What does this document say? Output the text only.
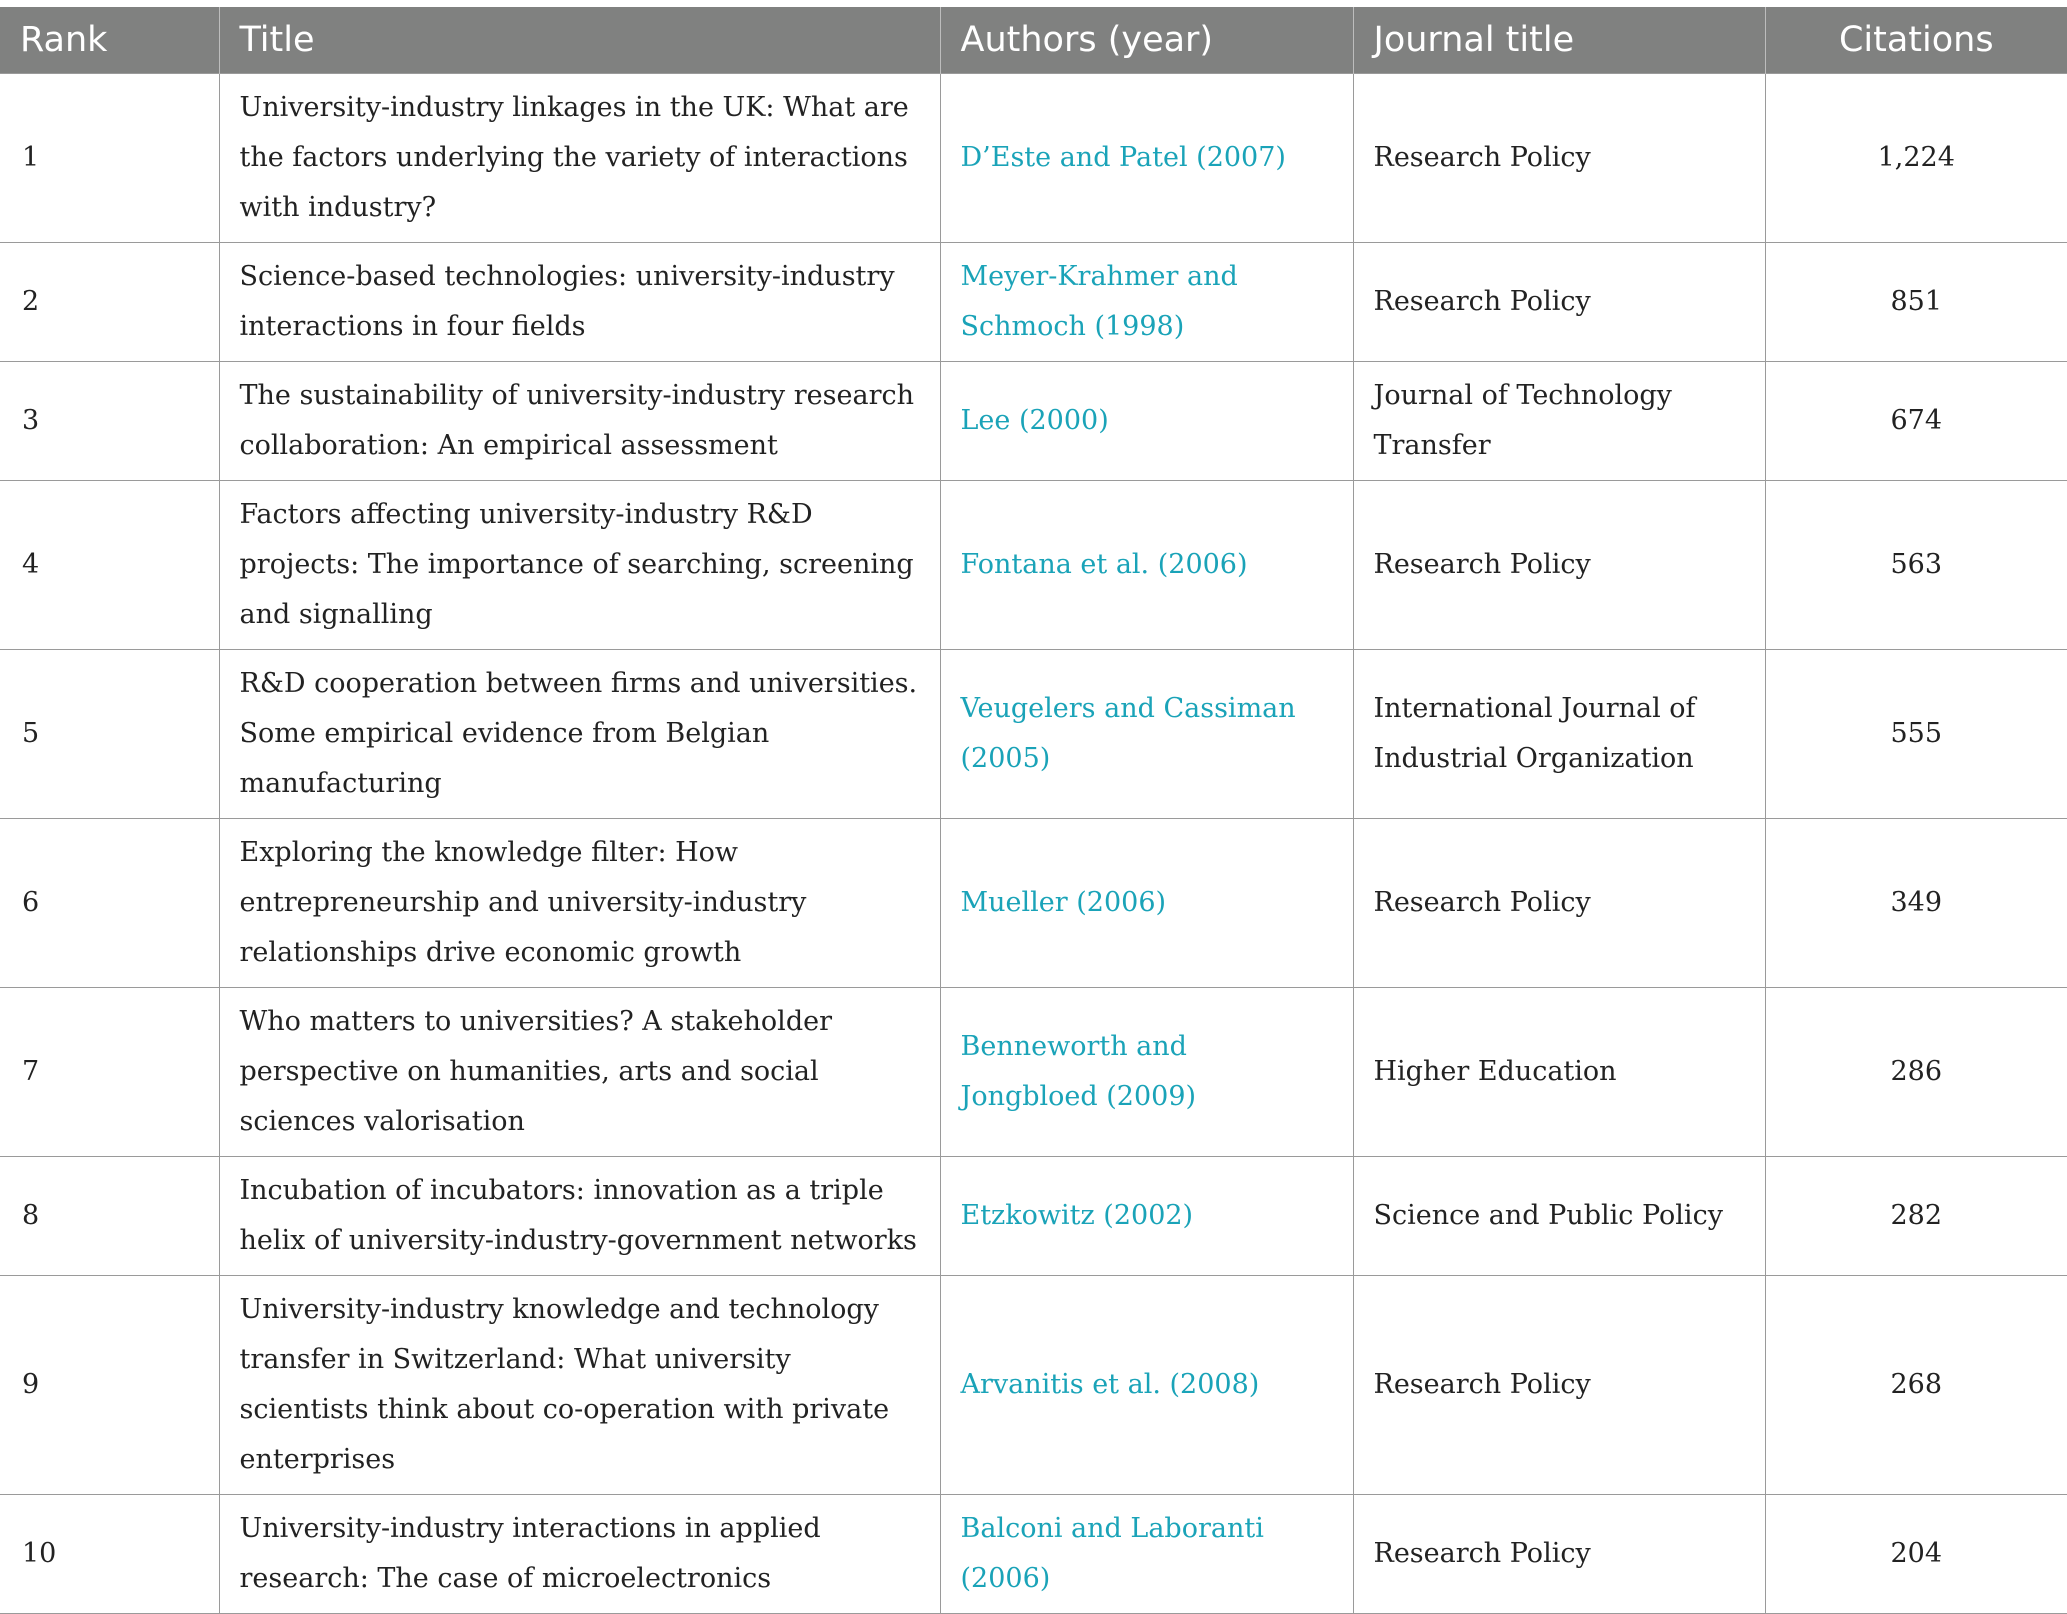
Rank	Title	Authors (year)	Journal title	Citations
1	University-industry linkages in the UK: What are the factors underlying the variety of interactions with industry?	D’Este and Patel (2007)	Research Policy	1,224
2	Science-based technologies: university-industry interactions in four fields	Meyer-Krahmer and Schmoch (1998)	Research Policy	851
3	The sustainability of university-industry research collaboration: An empirical assessment	Lee (2000)	Journal of Technology Transfer	674
4	Factors affecting university-industry R&D projects: The importance of searching, screening and signalling	Fontana et al. (2006)	Research Policy	563
5	R&D cooperation between firms and universities. Some empirical evidence from Belgian manufacturing	Veugelers and Cassiman (2005)	International Journal of Industrial Organization	555
6	Exploring the knowledge filter: How entrepreneurship and university-industry relationships drive economic growth	Mueller (2006)	Research Policy	349
7	Who matters to universities? A stakeholder perspective on humanities, arts and social sciences valorisation	Benneworth and Jongbloed (2009)	Higher Education	286
8	Incubation of incubators: innovation as a triple helix of university-industry-government networks	Etzkowitz (2002)	Science and Public Policy	282
9	University-industry knowledge and technology transfer in Switzerland: What university scientists think about co-operation with private enterprises	Arvanitis et al. (2008)	Research Policy	268
10	University-industry interactions in applied research: The case of microelectronics	Balconi and Laboranti (2006)	Research Policy	204
